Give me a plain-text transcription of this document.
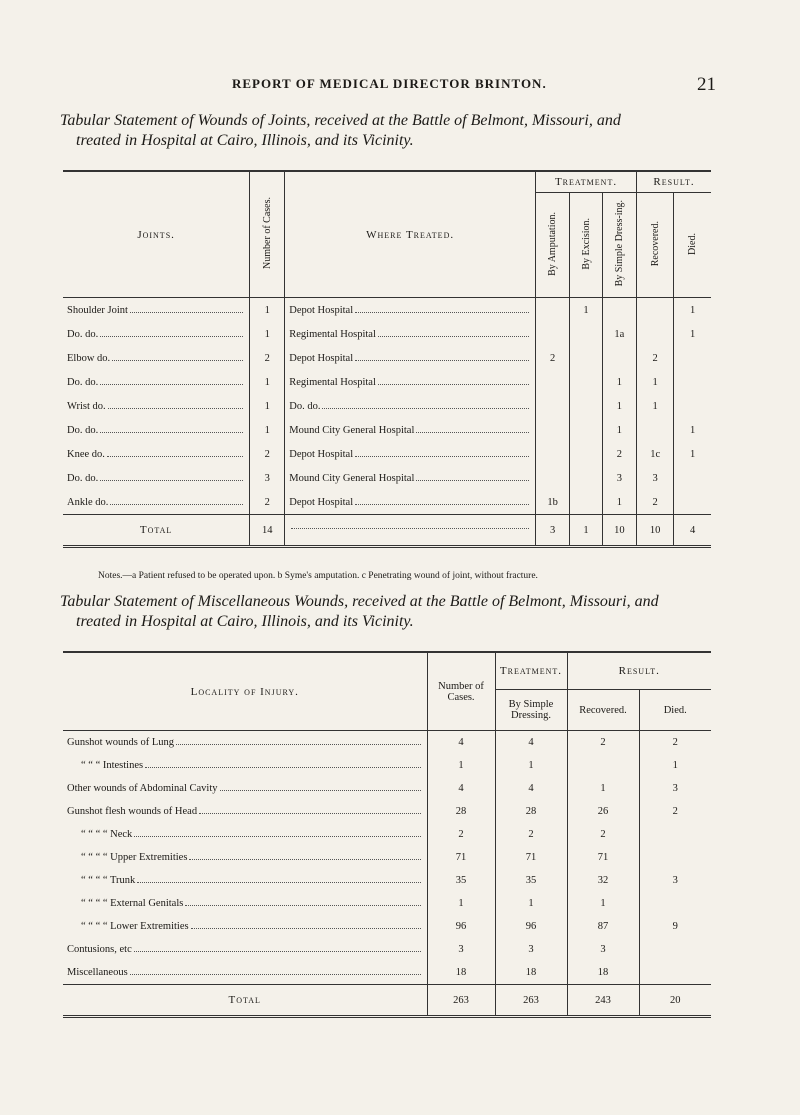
REPORT OF MEDICAL DIRECTOR BRINTON.	21
Tabular Statement of Wounds of Joints, received at the Battle of Belmont, Missouri, and
treated in Hospital at Cairo, Illinois, and its Vicinity.
Joints.	Number of Cases.	Where Treated.	Treatment.			Result.	
			By Amputation.	By Excision.	By Simple Dress-ing.	Recovered.	Died.

Shoulder Joint	1	Depot Hospital		1			1

Do. do.	1	Regimental Hospital			1a		1

Elbow do.	2	Depot Hospital	2			2	

Do. do.	1	Regimental Hospital			1	1	

Wrist do.	1	Do. do.			1	1	

Do. do.	1	Mound City General Hospital			1		1

Knee do.	2	Depot Hospital			2	1c	1

Do. do.	3	Mound City General Hospital			3	3	

Ankle do.	2	Depot Hospital	1b		1	2	
Total	14		3	1	10	10	4
Notes.—a Patient refused to be operated upon. b Syme's amputation. c Penetrating wound of joint, without fracture.
Tabular Statement of Miscellaneous Wounds, received at the Battle of Belmont, Missouri, and
treated in Hospital at Cairo, Illinois, and its Vicinity.
Locality of Injury.	Number of Cases.	Treatment.	Result.	
		By Simple Dressing.	Recovered.	Died.

Gunshot wounds of Lung	4	4	2	2

“ “ “ Intestines	1	1		1

Other wounds of Abdominal Cavity	4	4	1	3

Gunshot flesh wounds of Head	28	28	26	2

“ “ “ “ Neck	2	2	2	

“ “ “ “ Upper Extremities	71	71	71	

“ “ “ “ Trunk	35	35	32	3

“ “ “ “ External Genitals	1	1	1	

“ “ “ “ Lower Extremities	96	96	87	9

Contusions, etc	3	3	3	

Miscellaneous	18	18	18	
Total	263	263	243	20
